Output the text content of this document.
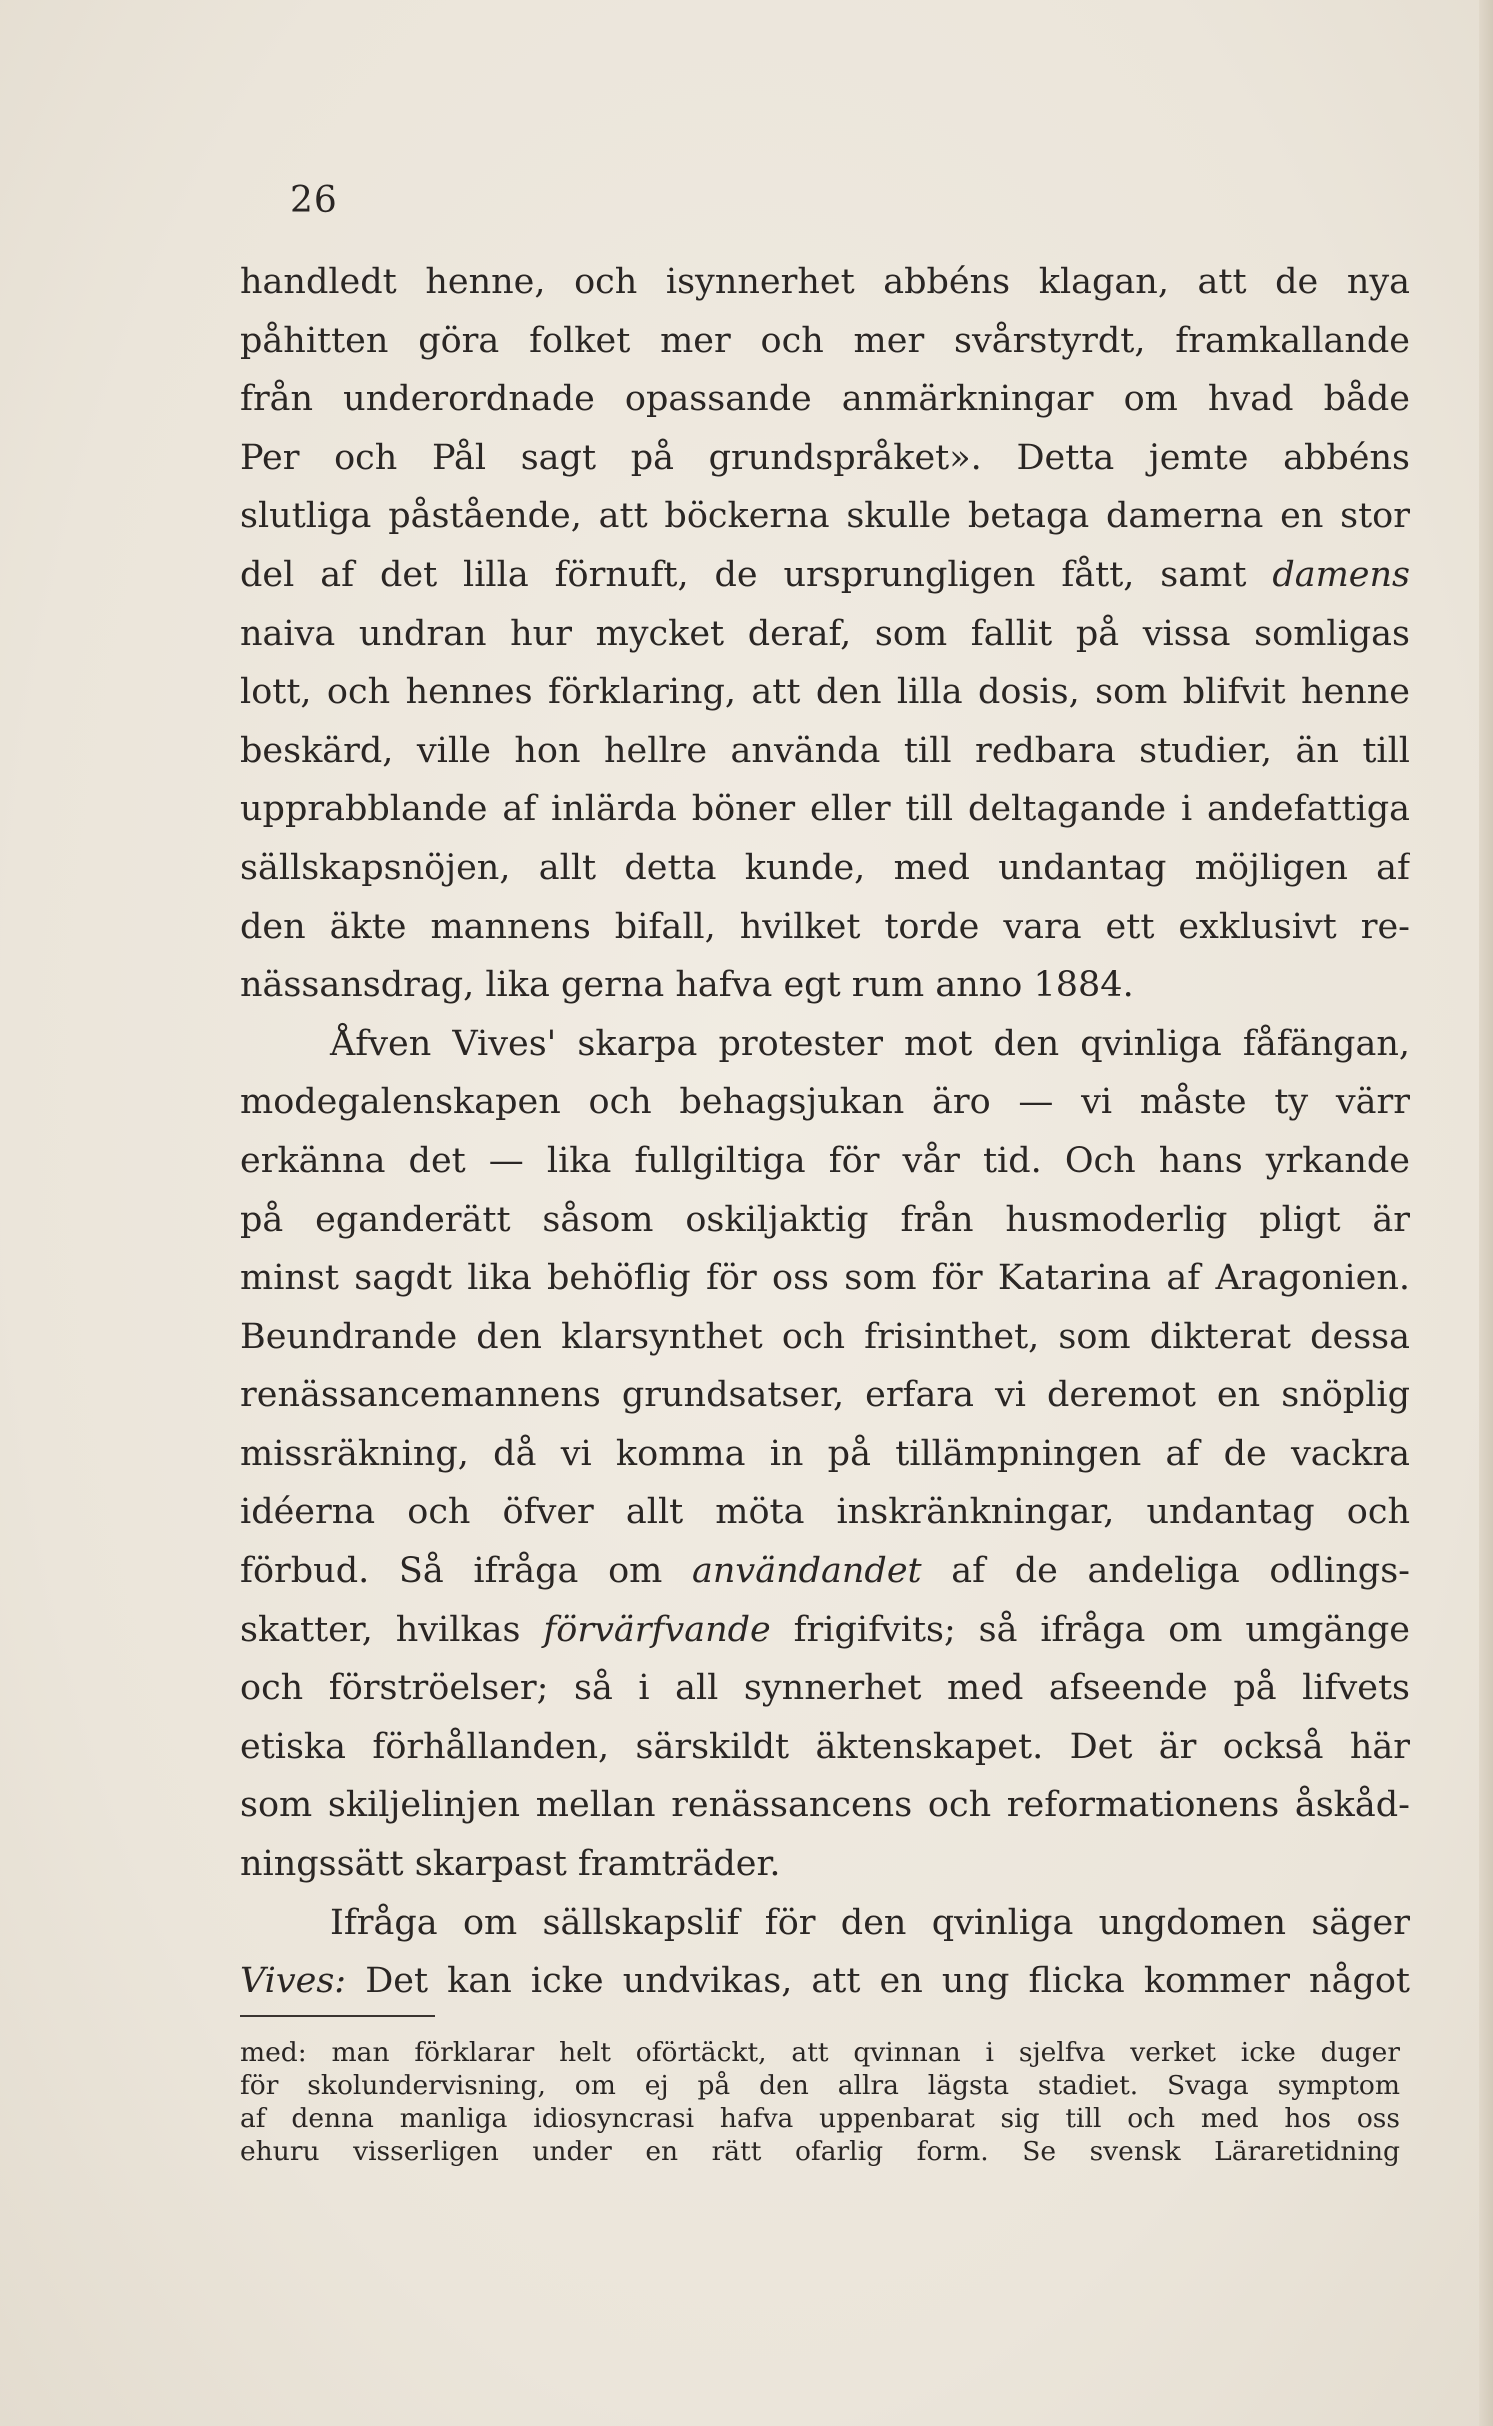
26
handledt henne, och isynnerhet abbéns klagan, att de nya
påhitten göra folket mer och mer svårstyrdt, framkallande
från underordnade opassande anmärkningar om hvad både
Per och Pål sagt på grundspråket». Detta jemte abbéns
slutliga påstående, att böckerna skulle betaga damerna en stor
del af det lilla förnuft, de ursprungligen fått, samt damens
naiva undran hur mycket deraf, som fallit på vissa somligas
lott, och hennes förklaring, att den lilla dosis, som blifvit henne
beskärd, ville hon hellre använda till redbara studier, än till
upprabblande af inlärda böner eller till deltagande i andefattiga
sällskapsnöjen, allt detta kunde, med undantag möjligen af
den äkte mannens bifall, hvilket torde vara ett exklusivt re-
nässansdrag, lika gerna hafva egt rum anno 1884.
Åfven Vives' skarpa protester mot den qvinliga fåfängan,
modegalenskapen och behagsjukan äro — vi måste ty värr
erkänna det — lika fullgiltiga för vår tid. Och hans yrkande
på eganderätt såsom oskiljaktig från husmoderlig pligt är
minst sagdt lika behöflig för oss som för Katarina af Aragonien.
Beundrande den klarsynthet och frisinthet, som dikterat dessa
renässancemannens grundsatser, erfara vi deremot en snöplig
missräkning, då vi komma in på tillämpningen af de vackra
idéerna och öfver allt möta inskränkningar, undantag och
förbud. Så ifråga om användandet af de andeliga odlings-
skatter, hvilkas förvärfvande frigifvits; så ifråga om umgänge
och förströelser; så i all synnerhet med afseende på lifvets
etiska förhållanden, särskildt äktenskapet. Det är också här
som skiljelinjen mellan renässancens och reformationens åskåd-
ningssätt skarpast framträder.
Ifråga om sällskapslif för den qvinliga ungdomen säger
Vives: Det kan icke undvikas, att en ung flicka kommer något
med: man förklarar helt oförtäckt, att qvinnan i sjelfva verket icke duger
för skolundervisning, om ej på den allra lägsta stadiet. Svaga symptom
af denna manliga idiosyncrasi hafva uppenbarat sig till och med hos oss
ehuru visserligen under en rätt ofarlig form. Se svensk Läraretidning
